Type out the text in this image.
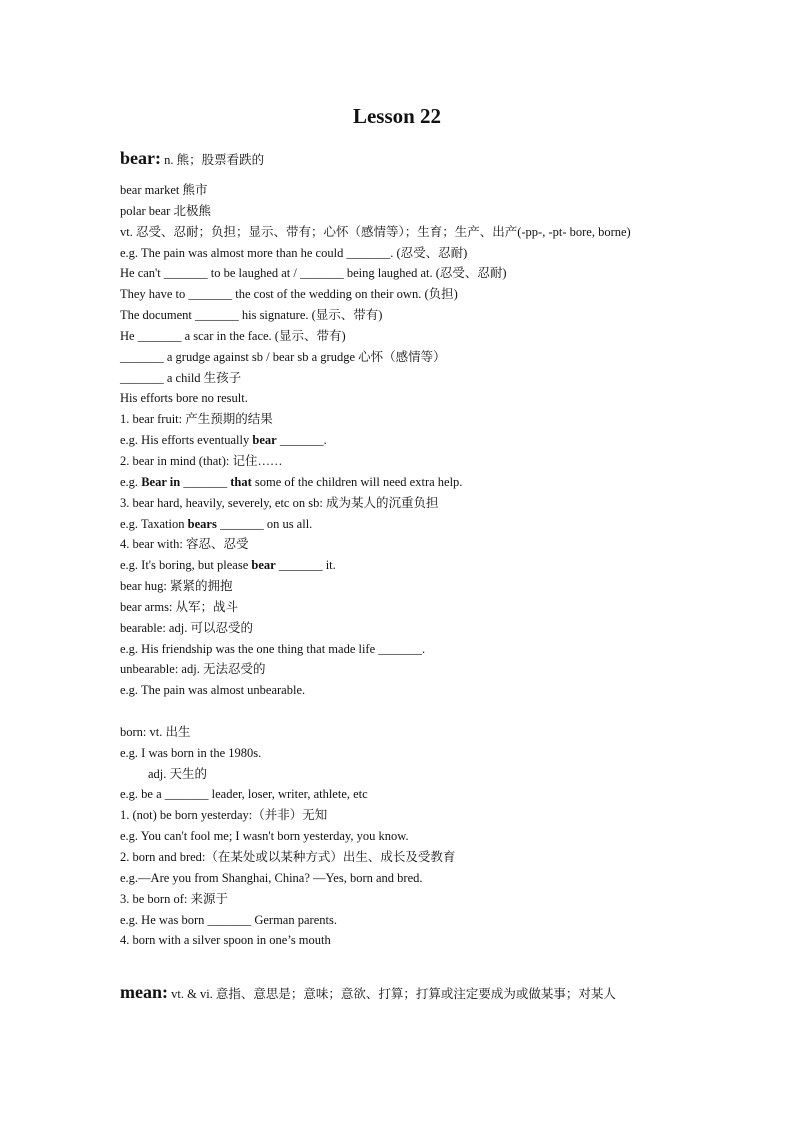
Lesson 22
bear: n. 熊；股票看跌的
bear market 熊市
polar bear 北极熊
vt. 忍受、忍耐；负担；显示、带有；心怀（感情等）；生育；生产、出产(-pp-, -pt- bore, borne)
e.g. The pain was almost more than he could _______. (忍受、忍耐)
He can't _______ to be laughed at / _______ being laughed at. (忍受、忍耐)
They have to _______ the cost of the wedding on their own. (负担)
The document _______ his signature. (显示、带有)
He _______ a scar in the face. (显示、带有)
_______ a grudge against sb / bear sb a grudge 心怀（感情等）
_______ a child 生孩子
His efforts bore no result.
1. bear fruit: 产生预期的结果
e.g. His efforts eventually bear _______.
2. bear in mind (that): 记住……
e.g. Bear in _______ that some of the children will need extra help.
3. bear hard, heavily, severely, etc on sb: 成为某人的沉重负担
e.g. Taxation bears _______ on us all.
4. bear with: 容忍、忍受
e.g. It's boring, but please bear _______ it.
bear hug: 紧紧的拥抱
bear arms: 从军；战斗
bearable: adj. 可以忍受的
e.g. His friendship was the one thing that made life _______.
unbearable: adj. 无法忍受的
e.g. The pain was almost unbearable.
born: vt. 出生
e.g. I was born in the 1980s.
adj. 天生的
e.g. be a _______ leader, loser, writer, athlete, etc
1. (not) be born yesterday:（并非）无知
e.g. You can't fool me; I wasn't born yesterday, you know.
2. born and bred:（在某处或以某种方式）出生、成长及受教育
e.g.—Are you from Shanghai, China? —Yes, born and bred.
3. be born of: 来源于
e.g. He was born _______ German parents.
4. born with a silver spoon in one’s mouth
mean: vt. & vi. 意指、意思是；意味；意欲、打算；打算或注定要成为或做某事；对某人
